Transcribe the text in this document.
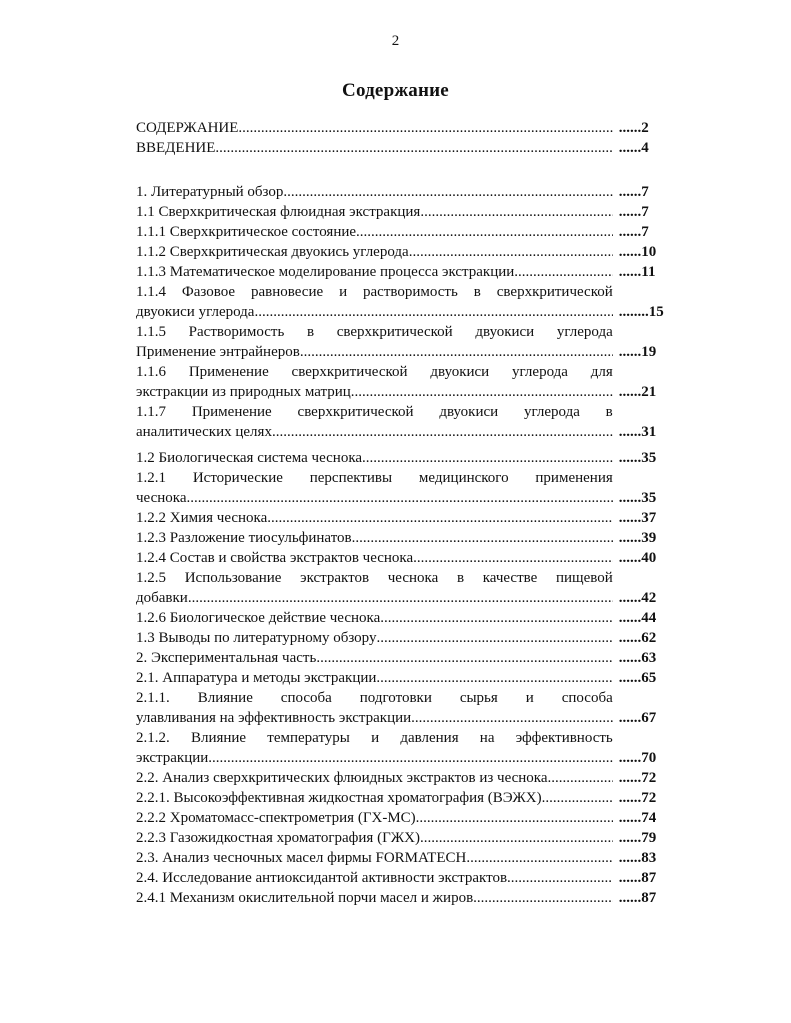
2
Содержание
СОДЕРЖАНИЕ .....	......2
ВВЕДЕНИЕ .....	......4
1. Литературный обзор .....	......7
1.1 Сверхкритическая флюидная экстракция .....	......7
1.1.1 Сверхкритическое состояние .....	......7
1.1.2 Сверхкритическая двуокись углерода .....	......10
1.1.3 Математическое моделирование процесса экстракции .....	......11
1.1.4 Фазовое равновесие и растворимость в сверхкритической
двуокиси углерода .....	........15
1.1.5 Растворимость в сверхкритической двуокиси углерода
Применение энтрайнеров .....	......19
1.1.6 Применение сверхкритической двуокиси углерода для
экстракции из природных матриц .....	......21
1.1.7 Применение сверхкритической двуокиси углерода в
аналитических целях .....	......31
1.2 Биологическая система чеснока .....	......35
1.2.1 Исторические перспективы медицинского применения
чеснока. .....	......35
1.2.2 Химия чеснока .....	......37
1.2.3 Разложение тиосульфинатов .....	......39
1.2.4 Состав и свойства экстрактов чеснока .....	......40
1.2.5 Использование экстрактов чеснока в качестве пищевой
добавки .....	......42
1.2.6 Биологическое действие чеснока .....	......44
1.3 Выводы по литературному обзору .....	......62
2. Экспериментальная часть .....	......63
2.1. Аппаратура и методы экстракции .....	......65
2.1.1. Влияние способа подготовки сырья и способа
улавливания на эффективность экстракции .....	......67
2.1.2. Влияние температуры и давления на эффективность
экстракции .....	......70
2.2. Анализ сверхкритических флюидных экстрактов из чеснока .....	......72
2.2.1. Высокоэффективная жидкостная хроматография (ВЭЖХ). .....	......72
2.2.2 Хроматомасс-спектрометрия (ГХ-МС) .....	......74
2.2.3 Газожидкостная хроматография (ГЖХ) .....	......79
2.3. Анализ чесночных масел фирмы FORMATECH .....	......83
2.4. Исследование антиоксидантой активности экстрактов .....	......87
2.4.1 Механизм окислительной порчи масел и жиров .....	......87
